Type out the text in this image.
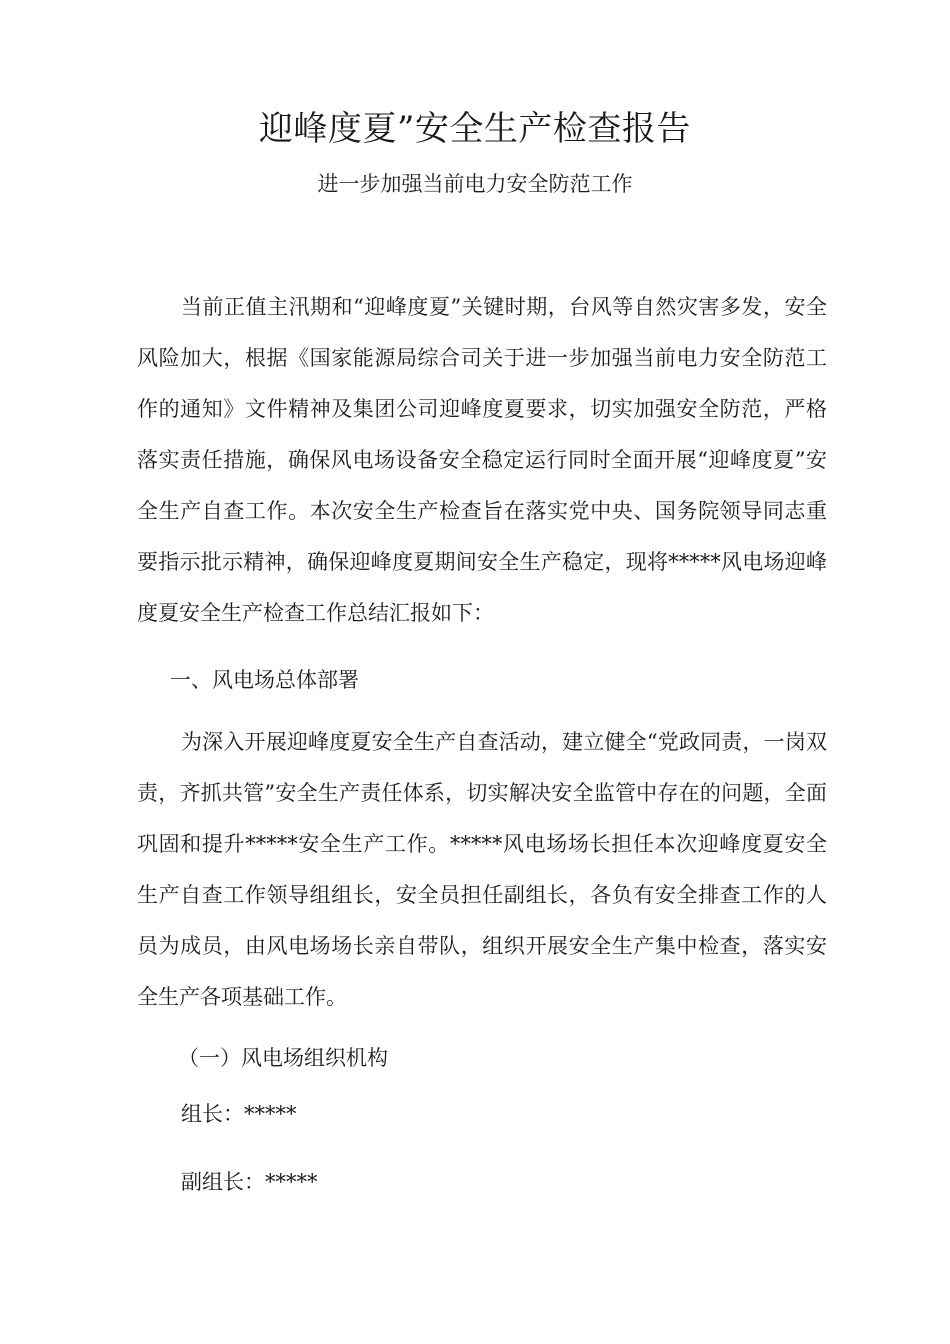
迎峰度夏”安全生产检查报告
进一步加强当前电力安全防范工作

当前正值主汛期和“迎峰度夏”关键时期，台风等自然灾害多发，安全风险加大，根据《国家能源局综合司关于进一步加强当前电力安全防范工作的通知》文件精神及集团公司迎峰度夏要求，切实加强安全防范，严格落实责任措施，确保风电场设备安全稳定运行同时全面开展“迎峰度夏”安全生产自查工作。本次安全生产检查旨在落实党中央、国务院领导同志重要指示批示精神，确保迎峰度夏期间安全生产稳定，现将*****风电场迎峰度夏安全生产检查工作总结汇报如下：

一、风电场总体部署

为深入开展迎峰度夏安全生产自查活动，建立健全“党政同责，一岗双责，齐抓共管”安全生产责任体系，切实解决安全监管中存在的问题，全面巩固和提升*****安全生产工作。*****风电场场长担任本次迎峰度夏安全生产自查工作领导组组长，安全员担任副组长，各负有安全排查工作的人员为成员，由风电场场长亲自带队，组织开展安全生产集中检查，落实安全生产各项基础工作。

（一）风电场组织机构

组长：*****

副组长：*****
